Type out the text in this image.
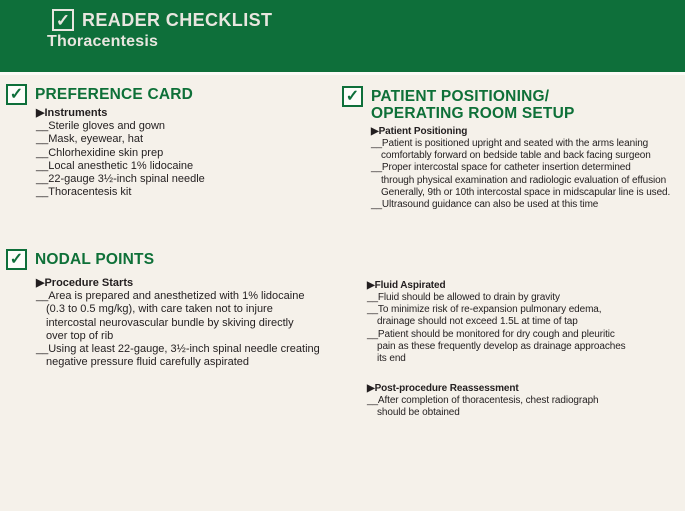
✓ READER CHECKLIST
Thoracentesis
✓ PREFERENCE CARD
▶Instruments
__Sterile gloves and gown
__Mask, eyewear, hat
__Chlorhexidine skin prep
__Local anesthetic 1% lidocaine
__22-gauge 3½-inch spinal needle
__Thoracentesis kit
✓ PATIENT POSITIONING/
OPERATING ROOM SETUP
▶Patient Positioning
__Patient is positioned upright and seated with the arms leaning
comfortably forward on bedside table and back facing surgeon
__Proper intercostal space for catheter insertion determined
through physical examination and radiologic evaluation of effusion
Generally, 9th or 10th intercostal space in midscapular line is used.
__Ultrasound guidance can also be used at this time
✓ NODAL POINTS
▶Procedure Starts
__Area is prepared and anesthetized with 1% lidocaine
(0.3 to 0.5 mg/kg), with care taken not to injure
intercostal neurovascular bundle by skiving directly
over top of rib
__Using at least 22-gauge, 3½-inch spinal needle creating
negative pressure fluid carefully aspirated
▶Fluid Aspirated
__Fluid should be allowed to drain by gravity
__To minimize risk of re-expansion pulmonary edema,
drainage should not exceed 1.5L at time of tap
__Patient should be monitored for dry cough and pleuritic
pain as these frequently develop as drainage approaches
its end
▶Post-procedure Reassessment
__After completion of thoracentesis, chest radiograph
should be obtained
